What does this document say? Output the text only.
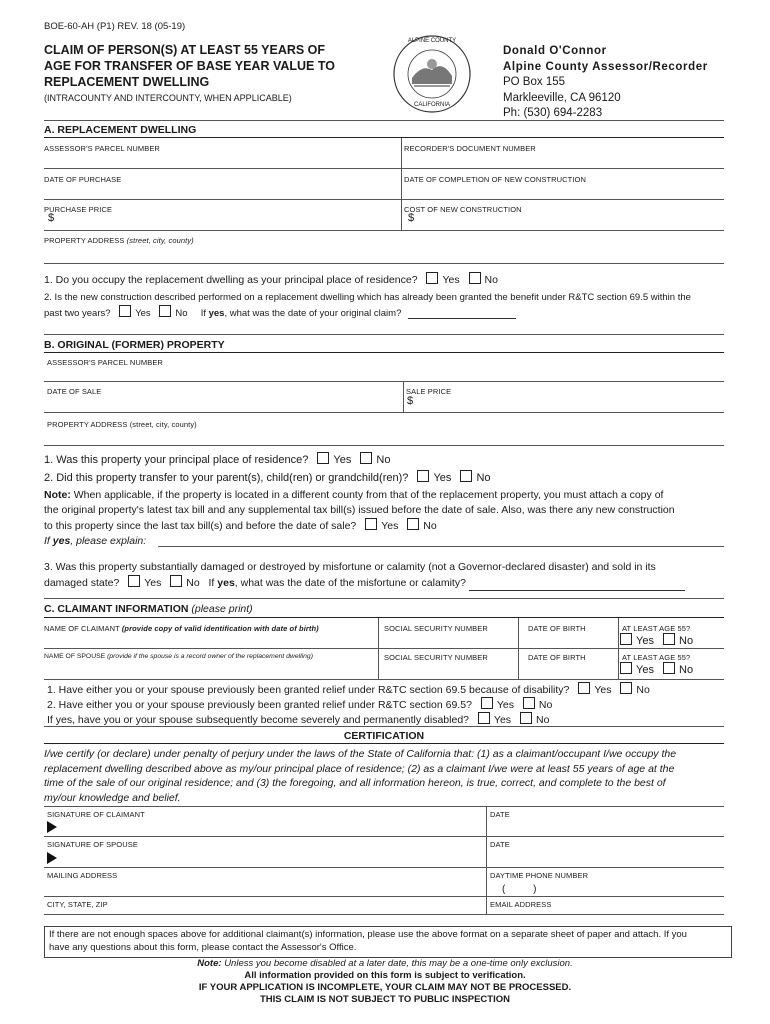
BOE-60-AH (P1) REV. 18 (05-19)
CLAIM OF PERSON(S) AT LEAST 55 YEARS OF
AGE FOR TRANSFER OF BASE YEAR VALUE TO
REPLACEMENT DWELLING
(INTRACOUNTY AND INTERCOUNTY, WHEN APPLICABLE)
ALPINE COUNTY
CALIFORNIA
Donald O'Connor
Alpine County Assessor/Recorder
PO Box 155
Markleeville, CA 96120
Ph: (530) 694-2283
A. REPLACEMENT DWELLING
ASSESSOR'S PARCEL NUMBER	RECORDER'S DOCUMENT NUMBER
DATE OF PURCHASE	DATE OF COMPLETION OF NEW CONSTRUCTION
PURCHASE PRICE
$
COST OF NEW CONSTRUCTION
$
PROPERTY ADDRESS (street, city, county)
1. Do you occupy the replacement dwelling as your principal place of residence? Yes No
2. Is the new construction described performed on a replacement dwelling which has already been granted the benefit under R&TC section 69.5 within the
past two years?	Yes	No If yes, what was the date of your original claim?
B. ORIGINAL (FORMER) PROPERTY
ASSESSOR'S PARCEL NUMBER
DATE OF SALE	SALE PRICE
$
PROPERTY ADDRESS (street, city, county)
1. Was this property your principal place of residence? Yes No
2. Did this property transfer to your parent(s), child(ren) or grandchild(ren)? Yes No
Note: When applicable, if the property is located in a different county from that of the replacement property, you must attach a copy of
the original property's latest tax bill and any supplemental tax bill(s) issued before the date of sale. Also, was there any new construction
to this property since the last tax bill(s) and before the date of sale? Yes No
If yes, please explain:
3. Was this property substantially damaged or destroyed by misfortune or calamity (not a Governor-declared disaster) and sold in its
damaged state? Yes No If yes, what was the date of the misfortune or calamity?
C. CLAIMANT INFORMATION (please print)
NAME OF CLAIMANT (provide copy of valid identification with date of birth)	SOCIAL SECURITY NUMBER	DATE OF BIRTH	AT LEAST AGE 55?
Yes No
NAME OF SPOUSE (provide if the spouse is a record owner of the replacement dwelling)	SOCIAL SECURITY NUMBER	DATE OF BIRTH	AT LEAST AGE 55?
Yes No
1. Have either you or your spouse previously been granted relief under R&TC section 69.5 because of disability? Yes No
2. Have either you or your spouse previously been granted relief under R&TC section 69.5? Yes No
If yes, have you or your spouse subsequently become severely and permanently disabled? Yes No
CERTIFICATION
I/we certify (or declare) under penalty of perjury under the laws of the State of California that: (1) as a claimant/occupant I/we occupy the
replacement dwelling described above as my/our principal place of residence; (2) as a claimant I/we were at least 55 years of age at the
time of the sale of our original residence; and (3) the foregoing, and all information hereon, is true, correct, and complete to the best of
my/our knowledge and belief.
SIGNATURE OF CLAIMANT	DATE
SIGNATURE OF SPOUSE	DATE
MAILING ADDRESS	DAYTIME PHONE NUMBER
(          )
CITY, STATE, ZIP	EMAIL ADDRESS
If there are not enough spaces above for additional claimant(s) information, please use the above format on a separate sheet of paper and attach. If you
have any questions about this form, please contact the Assessor's Office.
Note: Unless you become disabled at a later date, this may be a one-time only exclusion.
All information provided on this form is subject to verification.
IF YOUR APPLICATION IS INCOMPLETE, YOUR CLAIM MAY NOT BE PROCESSED.
THIS CLAIM IS NOT SUBJECT TO PUBLIC INSPECTION
